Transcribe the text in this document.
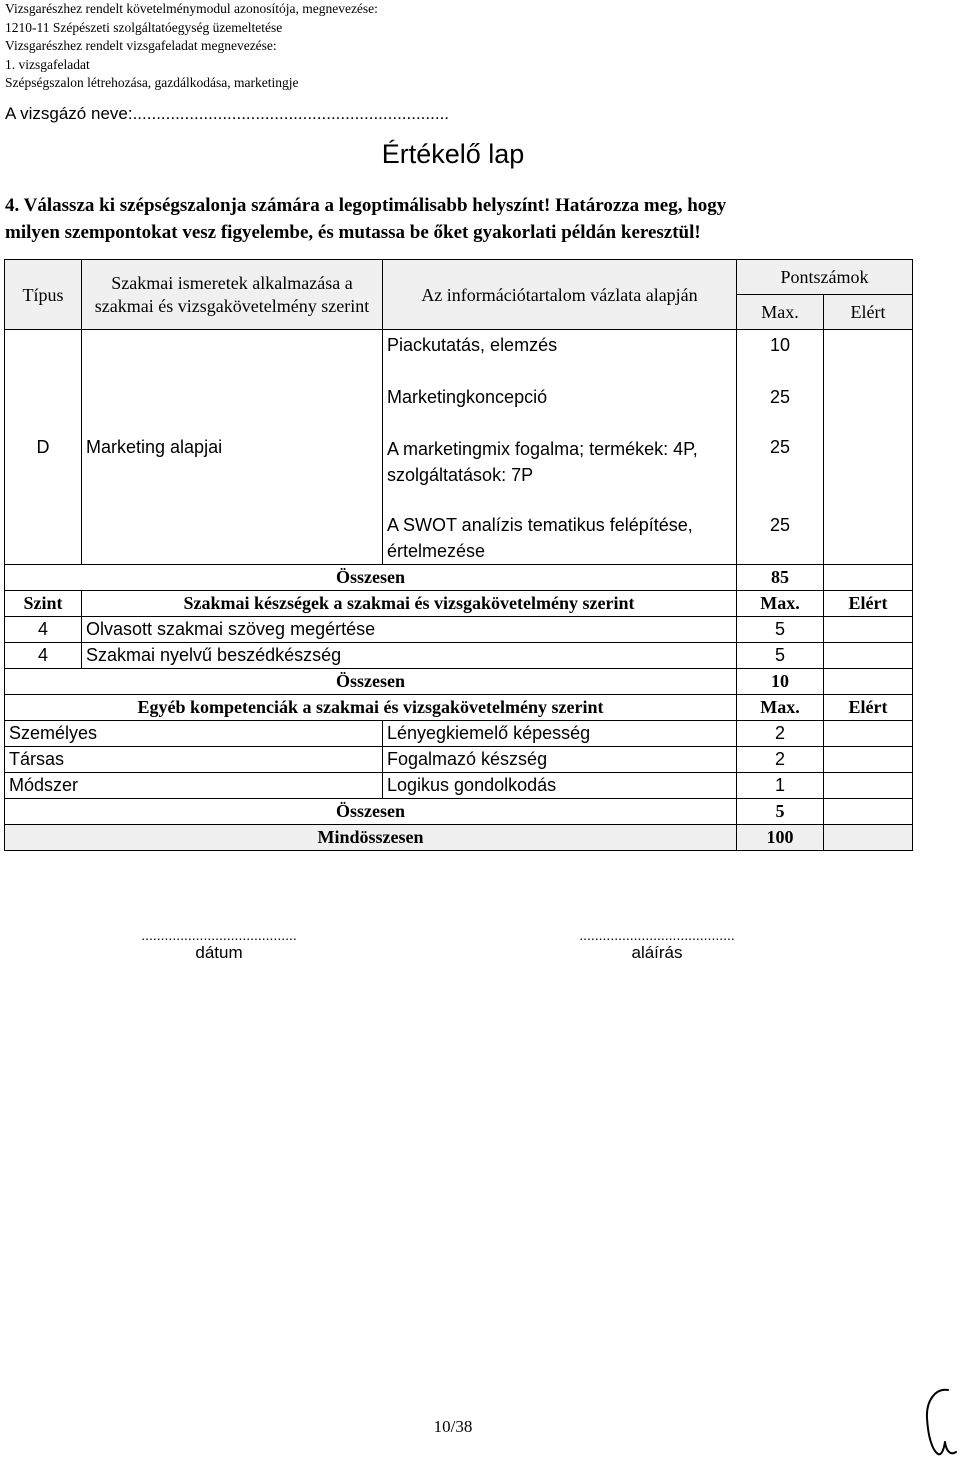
Vizsgarészhez rendelt követelménymodul azonosítója, megnevezése:
1210-11 Szépészeti szolgáltatóegység üzemeltetése
Vizsgarészhez rendelt vizsgafeladat megnevezése:
1. vizsgafeladat
Szépségszalon létrehozása, gazdálkodása, marketingje
A vizsgázó neve:...................................................................
Értékelő lap
4. Válassza ki szépségszalonja számára a legoptimálisabb helyszínt! Határozza meg, hogy
milyen szempontokat vesz figyelembe, és mutassa be őket gyakorlati példán keresztül!
Típus	Szakmai ismeretek alkalmazása a szakmai és vizsgakövetelmény szerint	Az információtartalom vázlata alapján	Pontszámok	
			Max.	Elért
D	Marketing alapjai	Piackutatás, elemzés	10	
		Marketingkoncepció	25	
		A marketingmix fogalma; termékek: 4P, szolgáltatások: 7P	25	
		A SWOT analízis tematikus felépítése, értelmezése	25	
Összesen			85	
Szint	Szakmai készségek a szakmai és vizsgakövetelmény szerint		Max.	Elért
4	Olvasott szakmai szöveg megértése		5	
4	Szakmai nyelvű beszédkészség		5	
Összesen			10	
Egyéb kompetenciák a szakmai és vizsgakövetelmény szerint			Max.	Elért
Személyes		Lényegkiemelő képesség	2	
Társas		Fogalmazó készség	2	
Módszer		Logikus gondolkodás	1	
Összesen			5	
Mindösszesen			100	
........................................
dátum
........................................
aláírás
10/38
